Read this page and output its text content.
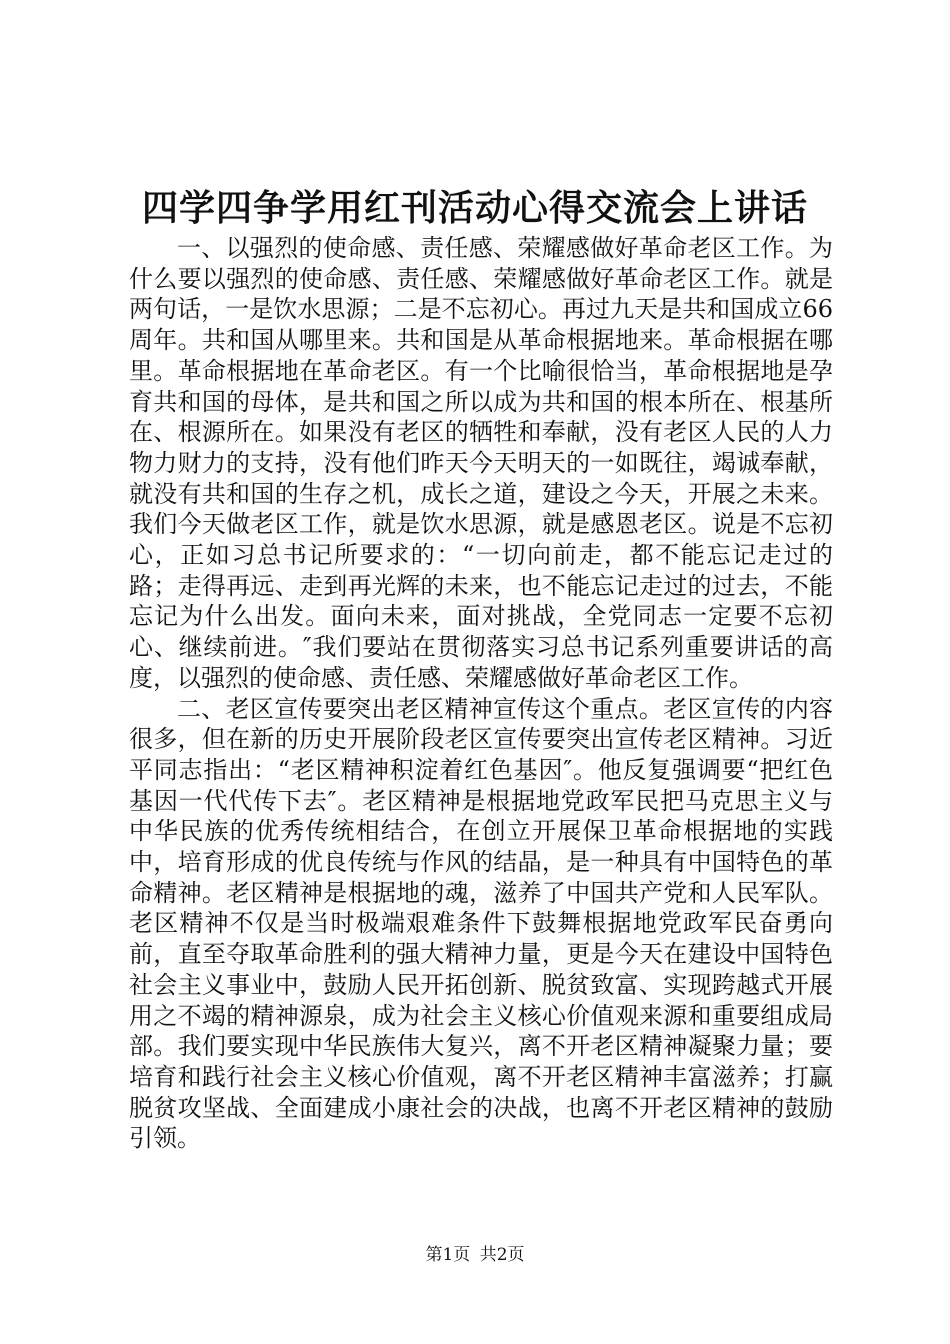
四学四争学用红刊活动心得交流会上讲话

一、以强烈的使命感、责任感、荣耀感做好革命老区工作。为什么要以强烈的使命感、责任感、荣耀感做好革命老区工作。就是两句话，一是饮水思源；二是不忘初心。再过九天是共和国成立66周年。共和国从哪里来。共和国是从革命根据地来。革命根据在哪里。革命根据地在革命老区。有一个比喻很恰当，革命根据地是孕育共和国的母体，是共和国之所以成为共和国的根本所在、根基所在、根源所在。如果没有老区的牺牲和奉献，没有老区人民的人力物力财力的支持，没有他们昨天今天明天的一如既往，竭诚奉献，就没有共和国的生存之机，成长之道，建设之今天，开展之未来。我们今天做老区工作，就是饮水思源，就是感恩老区。说是不忘初心，正如习总书记所要求的：“一切向前走，都不能忘记走过的路；走得再远、走到再光辉的未来，也不能忘记走过的过去，不能忘记为什么出发。面向未来，面对挑战，全党同志一定要不忘初心、继续前进。″我们要站在贯彻落实习总书记系列重要讲话的高度，以强烈的使命感、责任感、荣耀感做好革命老区工作。

二、老区宣传要突出老区精神宣传这个重点。老区宣传的内容很多，但在新的历史开展阶段老区宣传要突出宣传老区精神。习近平同志指出：“老区精神积淀着红色基因″。他反复强调要“把红色基因一代代传下去″。老区精神是根据地党政军民把马克思主义与中华民族的优秀传统相结合，在创立开展保卫革命根据地的实践中，培育形成的优良传统与作风的结晶，是一种具有中国特色的革命精神。老区精神是根据地的魂，滋养了中国共产党和人民军队。老区精神不仅是当时极端艰难条件下鼓舞根据地党政军民奋勇向前，直至夺取革命胜利的强大精神力量，更是今天在建设中国特色社会主义事业中，鼓励人民开拓创新、脱贫致富、实现跨越式开展用之不竭的精神源泉，成为社会主义核心价值观来源和重要组成局部。我们要实现中华民族伟大复兴，离不开老区精神凝聚力量；要培育和践行社会主义核心价值观，离不开老区精神丰富滋养；打赢脱贫攻坚战、全面建成小康社会的决战，也离不开老区精神的鼓励引领。

第1页 共2页
